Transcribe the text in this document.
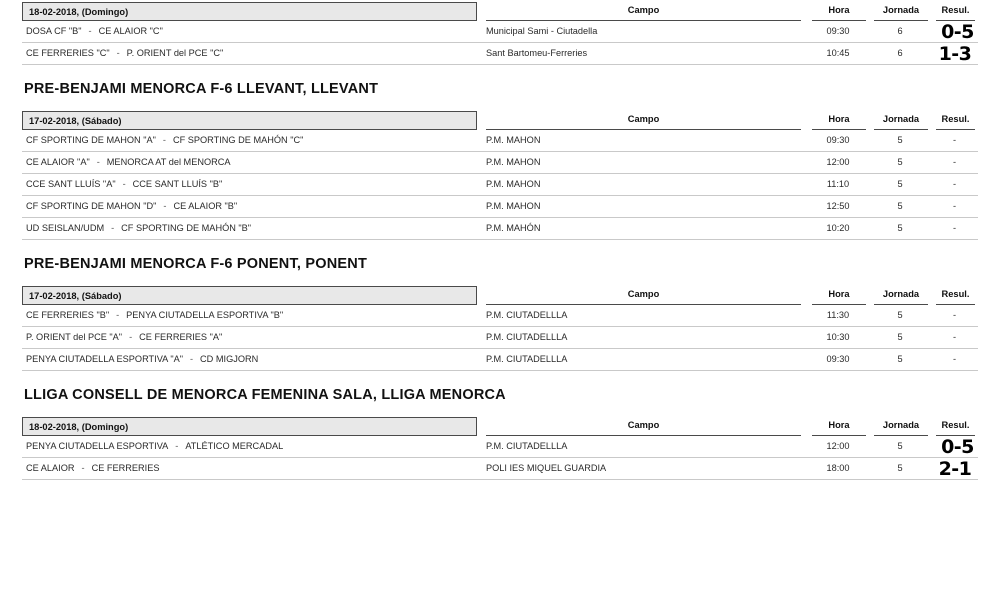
18-02-2018, (Domingo)	Campo	Hora	Jornada	Resul.

DOSA CF "B" - CE ALAIOR "C"	Municipal Sami - Ciutadella	09:30	6	0-5

CE FERRERIES "C" - P. ORIENT del PCE "C"	Sant Bartomeu-Ferreries	10:45	6	1-3
PRE-BENJAMI MENORCA F-6 LLEVANT, LLEVANT
17-02-2018, (Sábado)	Campo	Hora	Jornada	Resul.

CF SPORTING DE MAHON "A" - CF SPORTING DE MAHÓN "C"	P.M. MAHON	09:30	5	-

CE ALAIOR "A" - MENORCA AT del MENORCA	P.M. MAHON	12:00	5	-

CCE SANT LLUÍS "A" - CCE SANT LLUÍS "B"	P.M. MAHON	11:10	5	-

CF SPORTING DE MAHON "D" - CE ALAIOR "B"	P.M. MAHON	12:50	5	-

UD SEISLAN/UDM - CF SPORTING DE MAHÓN "B"	P.M. MAHÓN	10:20	5	-
PRE-BENJAMI MENORCA F-6 PONENT, PONENT
17-02-2018, (Sábado)	Campo	Hora	Jornada	Resul.

CE FERRERIES "B" - PENYA CIUTADELLA ESPORTIVA "B"	P.M. CIUTADELLLA	11:30	5	-

P. ORIENT del PCE "A" - CE FERRERIES "A"	P.M. CIUTADELLLA	10:30	5	-

PENYA CIUTADELLA ESPORTIVA "A" - CD MIGJORN	P.M. CIUTADELLLA	09:30	5	-
LLIGA CONSELL DE MENORCA FEMENINA SALA, LLIGA MENORCA
18-02-2018, (Domingo)	Campo	Hora	Jornada	Resul.

PENYA CIUTADELLA ESPORTIVA - ATLÉTICO MERCADAL	P.M. CIUTADELLLA	12:00	5	0-5

CE ALAIOR - CE FERRERIES	POLI IES MIQUEL GUARDIA	18:00	5	2-1
